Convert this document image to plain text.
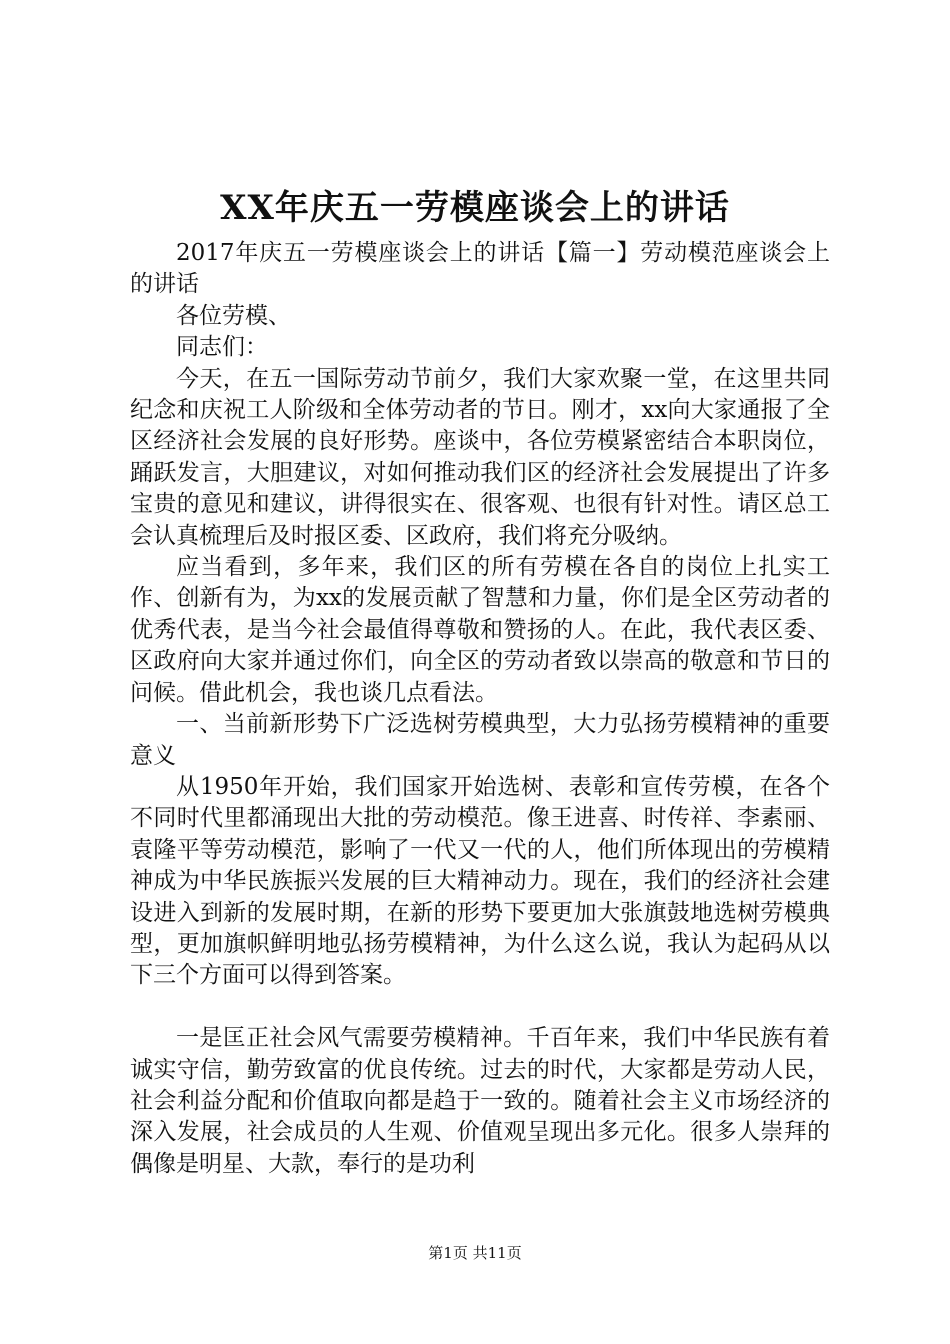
XX年庆五一劳模座谈会上的讲话

2017年庆五一劳模座谈会上的讲话【篇一】劳动模范座谈会上的讲话

各位劳模、

同志们：

今天，在五一国际劳动节前夕，我们大家欢聚一堂，在这里共同纪念和庆祝工人阶级和全体劳动者的节日。刚才，xx向大家通报了全区经济社会发展的良好形势。座谈中，各位劳模紧密结合本职岗位，踊跃发言，大胆建议，对如何推动我们区的经济社会发展提出了许多宝贵的意见和建议，讲得很实在、很客观、也很有针对性。请区总工会认真梳理后及时报区委、区政府，我们将充分吸纳。

应当看到，多年来，我们区的所有劳模在各自的岗位上扎实工作、创新有为，为xx的发展贡献了智慧和力量，你们是全区劳动者的优秀代表，是当今社会最值得尊敬和赞扬的人。在此，我代表区委、区政府向大家并通过你们，向全区的劳动者致以崇高的敬意和节日的问候。借此机会，我也谈几点看法。

一、当前新形势下广泛选树劳模典型，大力弘扬劳模精神的重要意义

从1950年开始，我们国家开始选树、表彰和宣传劳模，在各个不同时代里都涌现出大批的劳动模范。像王进喜、时传祥、李素丽、袁隆平等劳动模范，影响了一代又一代的人，他们所体现出的劳模精神成为中华民族振兴发展的巨大精神动力。现在，我们的经济社会建设进入到新的发展时期，在新的形势下要更加大张旗鼓地选树劳模典型，更加旗帜鲜明地弘扬劳模精神，为什么这么说，我认为起码从以下三个方面可以得到答案。

一是匡正社会风气需要劳模精神。千百年来，我们中华民族有着诚实守信，勤劳致富的优良传统。过去的时代，大家都是劳动人民，社会利益分配和价值取向都是趋于一致的。随着社会主义市场经济的深入发展，社会成员的人生观、价值观呈现出多元化。很多人崇拜的偶像是明星、大款，奉行的是功利

第1页 共11页
